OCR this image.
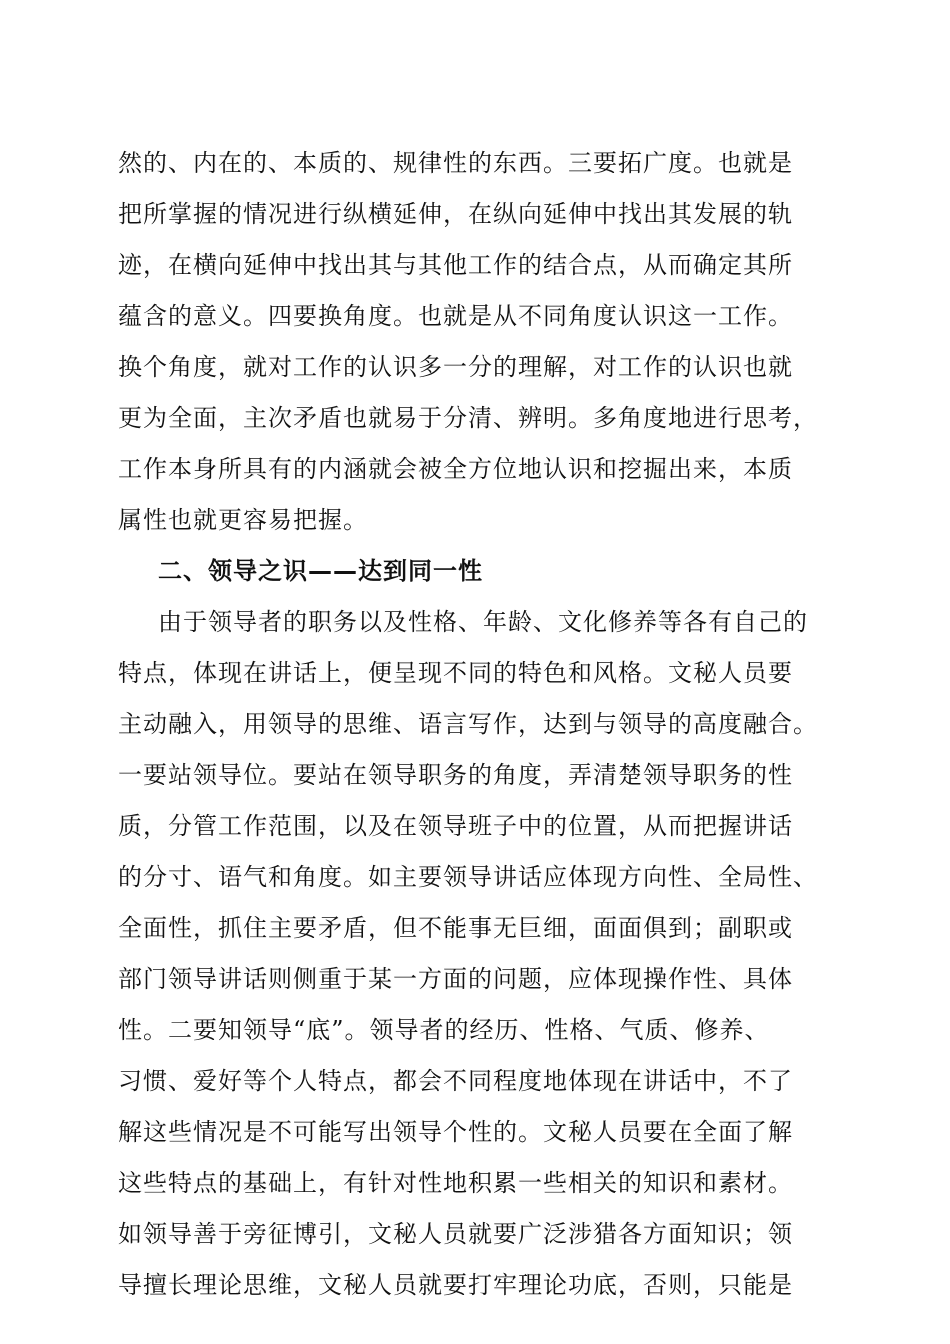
然的、内在的、本质的、规律性的东西。三要拓广度。也就是
把所掌握的情况进行纵横延伸，在纵向延伸中找出其发展的轨
迹，在横向延伸中找出其与其他工作的结合点，从而确定其所
蕴含的意义。四要换角度。也就是从不同角度认识这一工作。
换个角度，就对工作的认识多一分的理解，对工作的认识也就
更为全面，主次矛盾也就易于分清、辨明。多角度地进行思考，
工作本身所具有的内涵就会被全方位地认识和挖掘出来，本质
属性也就更容易把握。
二、领导之识——达到同一性
由于领导者的职务以及性格、年龄、文化修养等各有自己的
特点，体现在讲话上，便呈现不同的特色和风格。文秘人员要
主动融入，用领导的思维、语言写作，达到与领导的高度融合。
一要站领导位。要站在领导职务的角度，弄清楚领导职务的性
质，分管工作范围，以及在领导班子中的位置，从而把握讲话
的分寸、语气和角度。如主要领导讲话应体现方向性、全局性、
全面性，抓住主要矛盾，但不能事无巨细，面面俱到；副职或
部门领导讲话则侧重于某一方面的问题，应体现操作性、具体
性。二要知领导“底”。领导者的经历、性格、气质、修养、
习惯、爱好等个人特点，都会不同程度地体现在讲话中，不了
解这些情况是不可能写出领导个性的。文秘人员要在全面了解
这些特点的基础上，有针对性地积累一些相关的知识和素材。
如领导善于旁征博引，文秘人员就要广泛涉猎各方面知识；领
导擅长理论思维，文秘人员就要打牢理论功底，否则，只能是
